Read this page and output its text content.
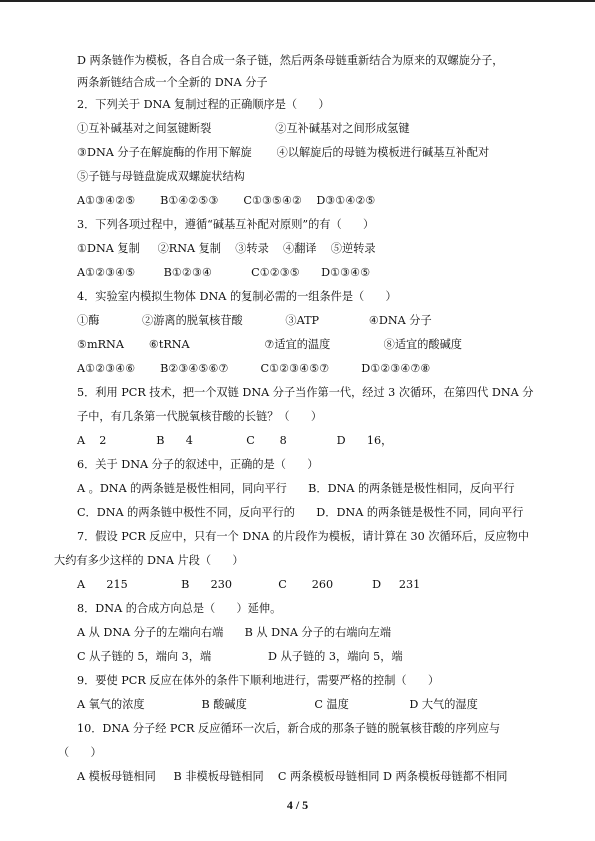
D 两条链作为模板，各自合成一条子链，然后两条母链重新结合为原来的双螺旋分子，
两条新链结合成一个全新的 DNA 分子
2．下列关于 DNA 复制过程的正确顺序是（      ）
①互补碱基对之间氢键断裂                  ②互补碱基对之间形成氢键
③DNA 分子在解旋酶的作用下解旋       ④以解旋后的母链为模板进行碱基互补配对
⑤子链与母链盘旋成双螺旋状结构
A①③④②⑤       B①④②⑤③       C①③⑤④②    D③①④②⑤
3．下列各项过程中，遵循“碱基互补配对原则”的有（      ）
①DNA 复制     ②RNA 复制    ③转录    ④翻译    ⑤逆转录
A①②③④⑤        B①②③④           C①②③⑤      D①③④⑤
4．实验室内模拟生物体 DNA 的复制必需的一组条件是（      ）
①酶            ②游离的脱氧核苷酸            ③ATP              ④DNA 分子
⑤mRNA       ⑥tRNA                     ⑦适宜的温度               ⑧适宜的酸碱度
A①②③④⑥       B②③④⑤⑥⑦         C①②③④⑤⑦         D①②③④⑦⑧
5．利用 PCR 技术，把一个双链 DNA 分子当作第一代，经过 3 次循环，在第四代 DNA 分
子中，有几条第一代脱氧核苷酸的长链？（      ）
A    2              B      4               C       8              D      16，
6．关于 DNA 分子的叙述中，正确的是（      ）
A 。DNA 的两条链是极性相同，同向平行      B．DNA 的两条链是极性相同，反向平行
C．DNA 的两条链中极性不同，反向平行的      D．DNA 的两条链是极性不同，同向平行
7．假设 PCR 反应中，只有一个 DNA 的片段作为模板，请计算在 30 次循环后，反应物中
大约有多少这样的 DNA 片段（      ）
A      215               B      230             C       260           D     231
8．DNA 的合成方向总是（      ）延伸。
A 从 DNA 分子的左端向右端      B 从 DNA 分子的右端向左端
C 从子链的 5，端向 3，端                D 从子链的 3，端向 5，端
9．要使 PCR 反应在体外的条件下顺利地进行，需要严格的控制（      ）
A 氧气的浓度                B 酸碱度                   C 温度                 D 大气的湿度
10．DNA 分子经 PCR 反应循环一次后，新合成的那条子链的脱氧核苷酸的序列应与
（      ）
A 模板母链相同     B 非模板母链相同    C 两条模板母链相同 D 两条模板母链都不相同
4 / 5
